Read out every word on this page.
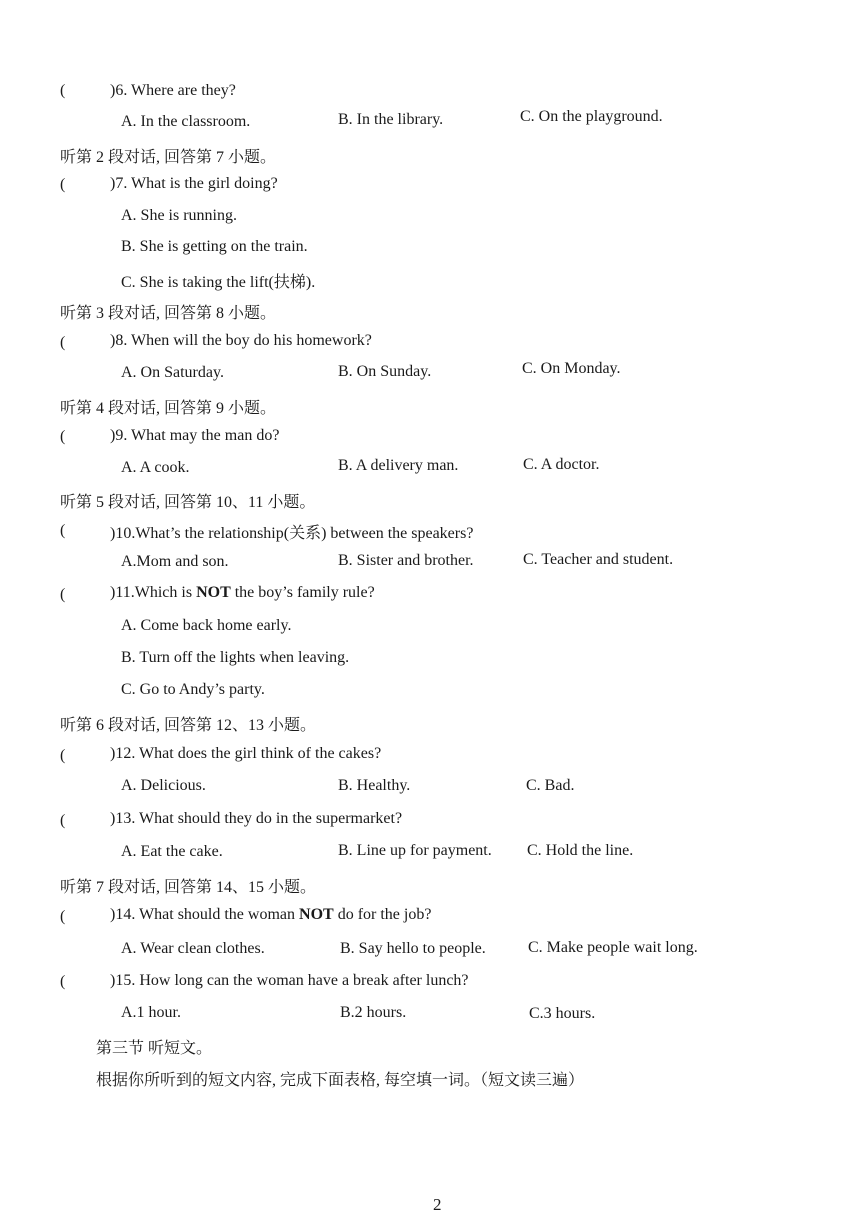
(	)6. Where are they?
A. In the classroom.	B. In the library.	C. On the playground.
听第 2 段对话, 回答第 7 小题。
(	)7. What is the girl doing?
A. She is running.
B. She is getting on the train.
C. She is taking the lift(扶梯).
听第 3 段对话, 回答第 8 小题。
(	)8. When will the boy do his homework?
A. On Saturday.	B. On Sunday.	C. On Monday.
听第 4 段对话, 回答第 9 小题。
(	)9. What may the man do?
A. A cook.	B. A delivery man.	C. A doctor.
听第 5 段对话, 回答第 10、11 小题。
(	)10.What’s the relationship(关系) between the speakers?
A.Mom and son.	B. Sister and brother.	C. Teacher and student.
(	)11.Which is NOT the boy’s family rule?
A. Come back home early.
B. Turn off the lights when leaving.
C. Go to Andy’s party.
听第 6 段对话, 回答第 12、13 小题。
(	)12. What does the girl think of the cakes?
A. Delicious.	B. Healthy.	C. Bad.
(	)13. What should they do in the supermarket?
A. Eat the cake.	B. Line up for payment. C. Hold the line.
听第 7 段对话, 回答第 14、15 小题。
(	)14. What should the woman NOT do for the job?
A. Wear clean clothes.	B. Say hello to people.	C. Make people wait long.
(	)15. How long can the woman have a break after lunch?
A.1 hour.	B.2 hours.	C.3 hours.
第三节 听短文。
根据你所听到的短文内容, 完成下面表格, 每空填一词。（短文读三遍）
2
